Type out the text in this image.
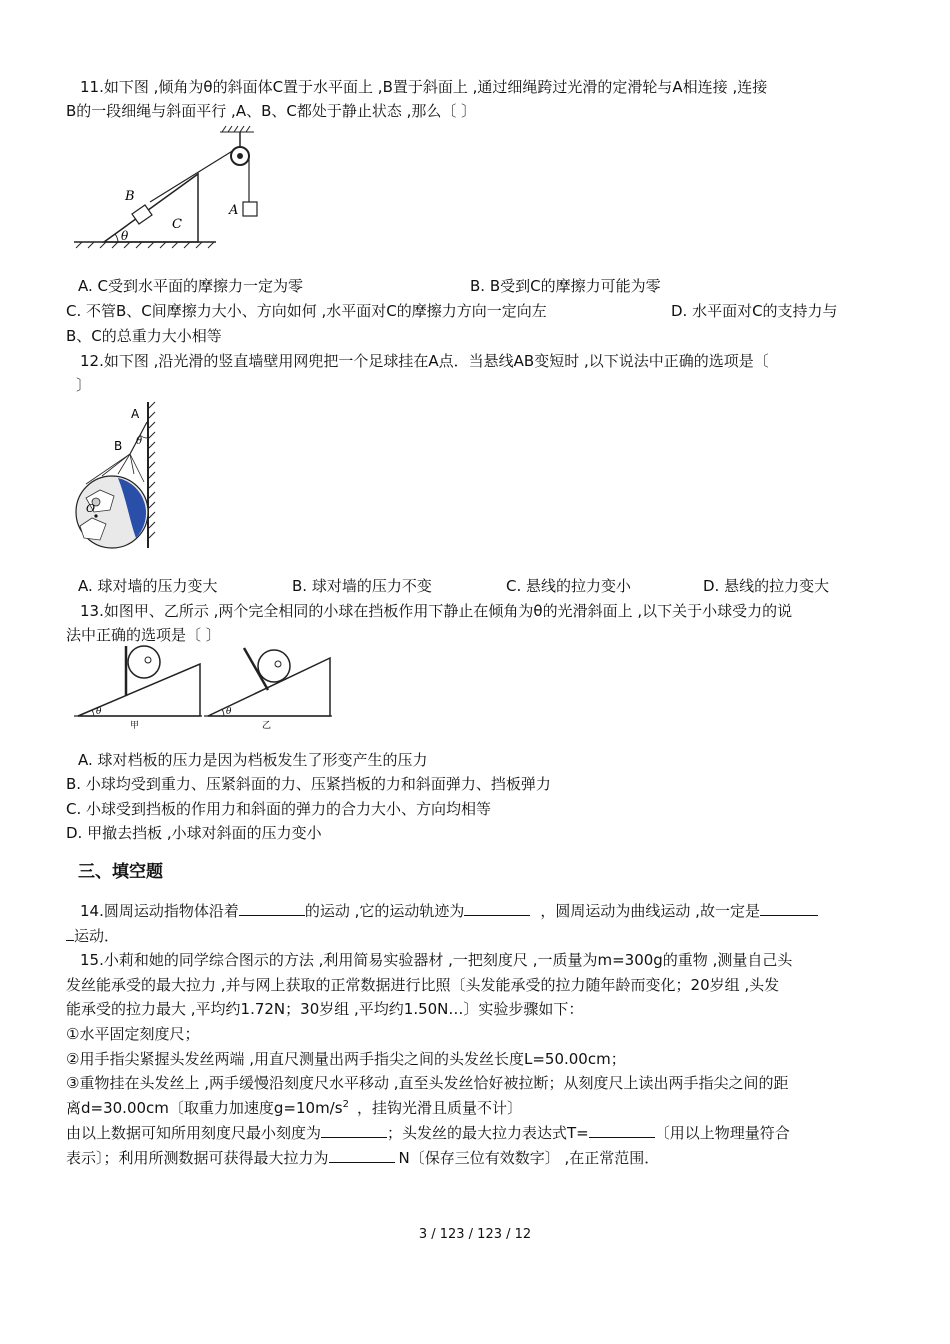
11.如下图 ,倾角为θ的斜面体C置于水平面上 ,B置于斜面上 ,通过细绳跨过光滑的定滑轮与A相连接 ,连接
B的一段细绳与斜面平行 ,A、B、C都处于静止状态 ,那么〔 〕
θ
B
C
A
A. C受到水平面的摩擦力一定为零	B. B受到C的摩擦力可能为零
C. 不管B、C间摩擦力大小、方向如何 ,水平面对C的摩擦力方向一定向左	D. 水平面对C的支持力与
B、C的总重力大小相等
12.如下图 ,沿光滑的竖直墙壁用网兜把一个足球挂在A点．当悬线AB变短时 ,以下说法中正确的选项是〔
〕
A
B θ
O
A. 球对墙的压力变大	B. 球对墙的压力不变	C. 悬线的拉力变小	D. 悬线的拉力变大
13.如图甲、乙所示 ,两个完全相同的小球在挡板作用下静止在倾角为θ的光滑斜面上 ,以下关于小球受力的说
法中正确的选项是〔 〕
θ
甲
θ
乙
A. 球对档板的压力是因为档板发生了形变产生的压力
B. 小球均受到重力、压紧斜面的力、压紧挡板的力和斜面弹力、挡板弹力
C. 小球受到挡板的作用力和斜面的弹力的合力大小、方向均相等
D. 甲撤去挡板 ,小球对斜面的压力变小
三、填空题
14.圆周运动指物体沿着	的运动 ,它的运动轨迹为	，圆周运动为曲线运动 ,故一定是
运动．
15.小莉和她的同学综合图示的方法 ,利用简易实验器材 ,一把刻度尺 ,一质量为m=300g的重物 ,测量自己头
发丝能承受的最大拉力 ,并与网上获取的正常数据进行比照〔头发能承受的拉力随年龄而变化；20岁组 ,头发
能承受的拉力最大 ,平均约1.72N；30岁组 ,平均约1.50N…〕实验步骤如下：
①水平固定刻度尺；
②用手指尖紧握头发丝两端 ,用直尺测量出两手指尖之间的头发丝长度L=50.00cm；
③重物挂在头发丝上 ,两手缓慢沿刻度尺水平移动 ,直至头发丝恰好被拉断；从刻度尺上读出两手指尖之间的距
离d=30.00cm〔取重力加速度$g=10m/s^2$ ，挂钩光滑且质量不计〕
由以上数据可知所用刻度尺最小刻度为	；头发丝的最大拉力表达式T=	〔用以上物理量符合
表示〕；利用所测数据可获得最大拉力为	N〔保存三位有效数字〕 ,在正常范围．
3 / 123 / 123 / 12
